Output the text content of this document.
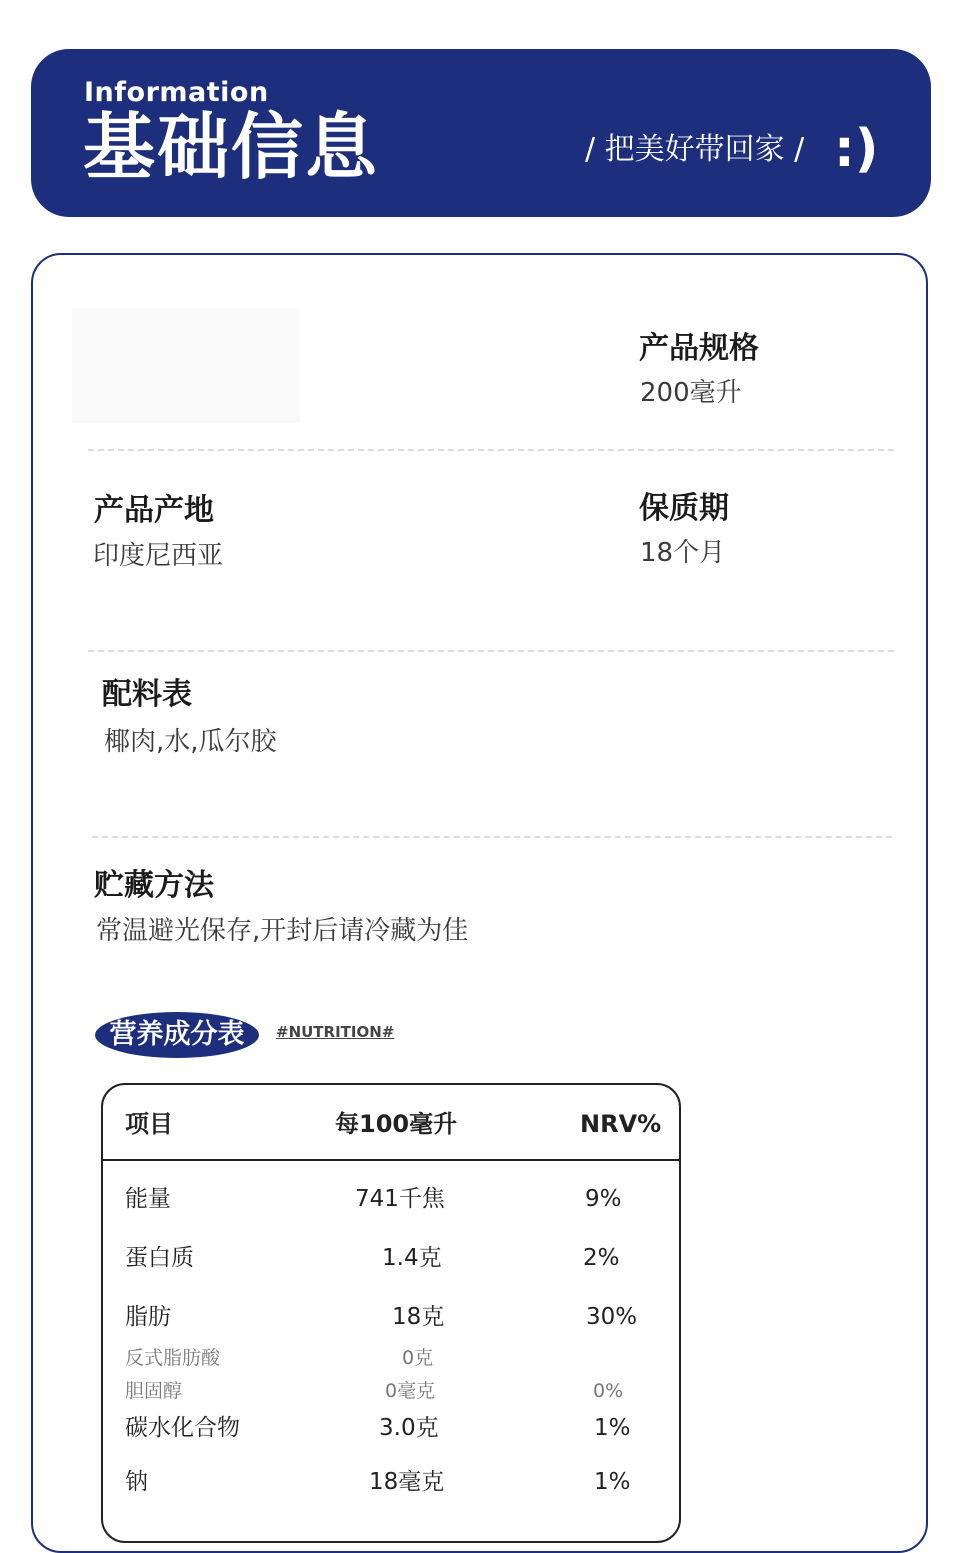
Information
基础信息	/ 把美好带回家 / :)
产品规格
200毫升
产品产地
印度尼西亚
保质期
18个月
配料表
椰肉,水,瓜尔胶
贮藏方法
常温避光保存,开封后请冷藏为佳
营养成分表	#NUTRITION#
项目	每100毫升	NRV%
能量	741千焦	9%
蛋白质	1.4克	2%
脂肪	18克	30%
反式脂肪酸	0克
胆固醇	0毫克	0%
碳水化合物	3.0克	1%
钠	18毫克	1%
